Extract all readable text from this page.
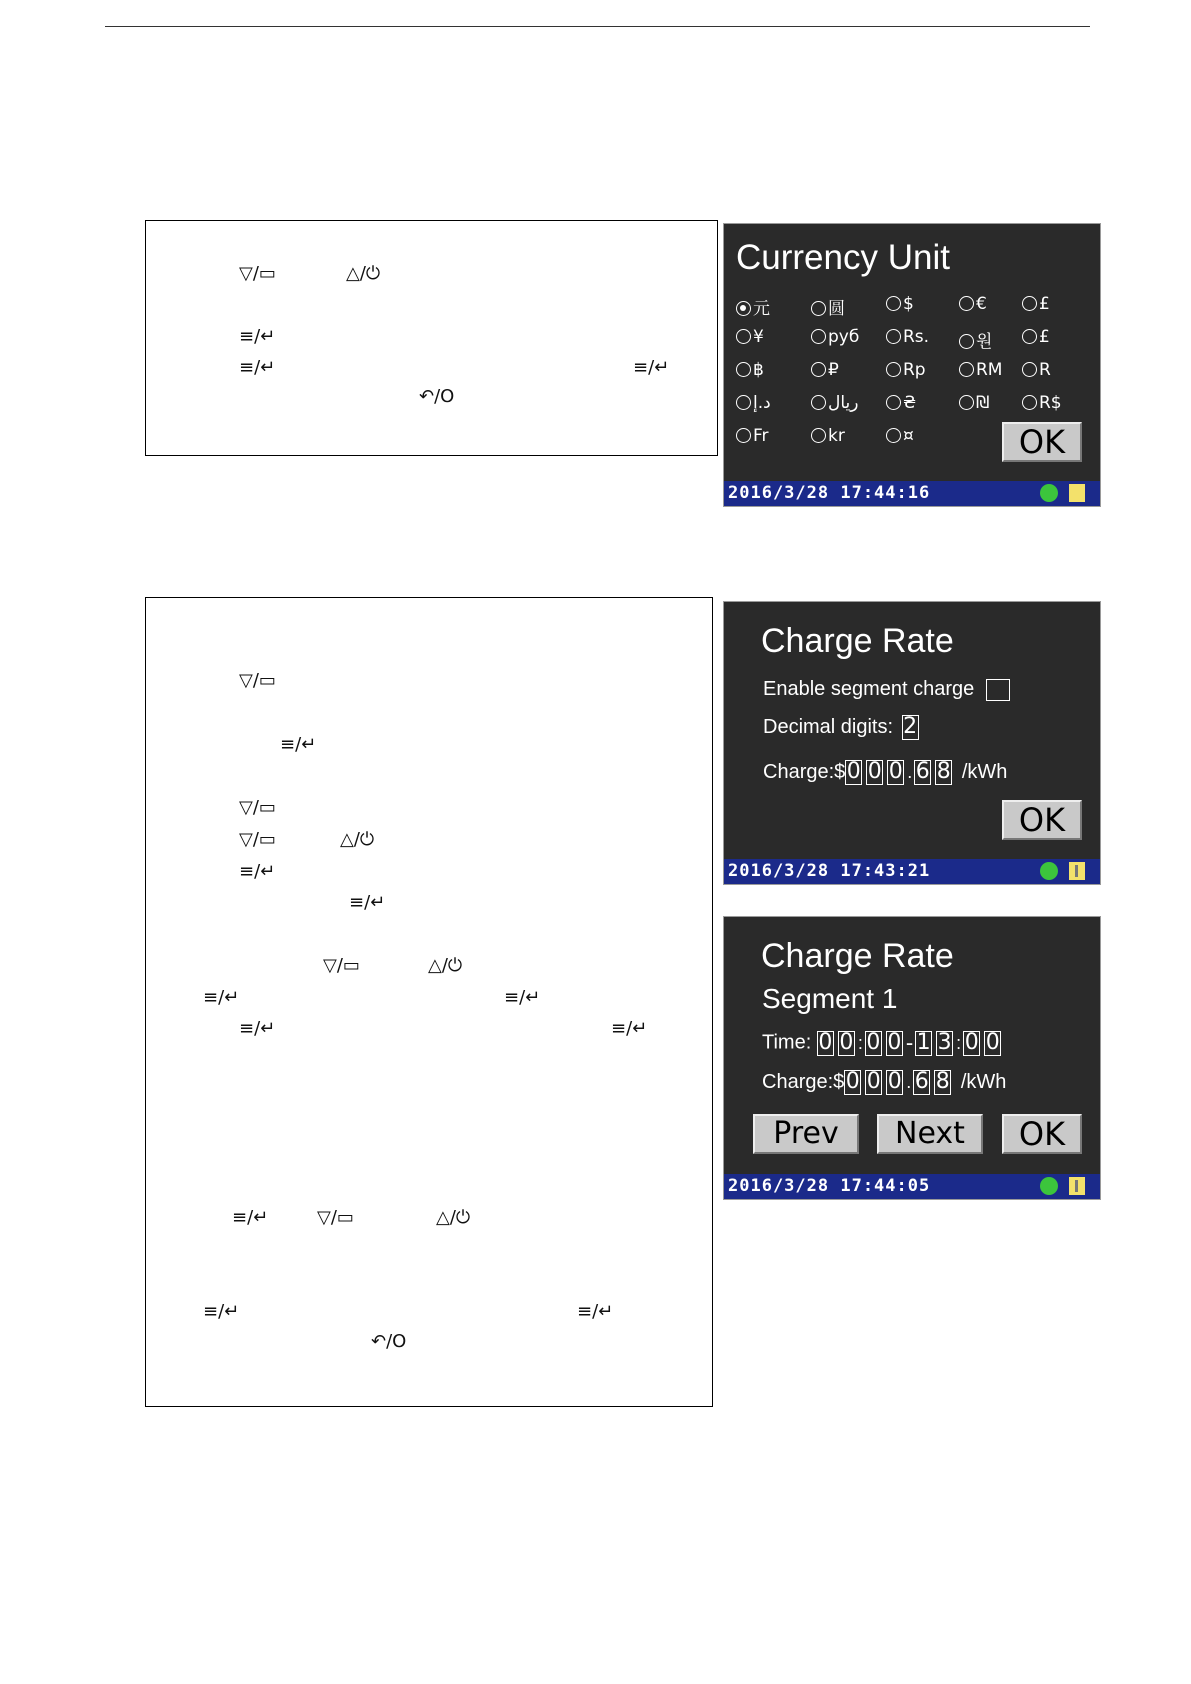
▽/▭	△/⏻
≡/↵
≡/↵	≡/↵
↶/O
Currency Unit
元	圆	$	€	£
¥	руб	Rs.	원	£
฿	₽	Rp	RM	R
د.إ	ريال	₴	₪	R$
Fr	kr	¤	OK
2016/3/28 17:44:16
▽/▭
≡/↵
▽/▭
▽/▭	△/⏻
≡/↵
≡/↵
▽/▭	△/⏻
≡/↵	≡/↵
≡/↵	≡/↵
≡/↵	▽/▭	△/⏻
≡/↵	≡/↵
↶/O
Charge Rate
Enable segment charge
Decimal digits: 2
Charge:$0 0 0 . 6 8 /kWh
OK
2016/3/28 17:43:21
Charge Rate
Segment 1
Time: 0 0 : 0 0 - 1 3 : 0 0
Charge:$0 0 0 . 6 8 /kWh
Prev	Next	OK
2016/3/28 17:44:05
